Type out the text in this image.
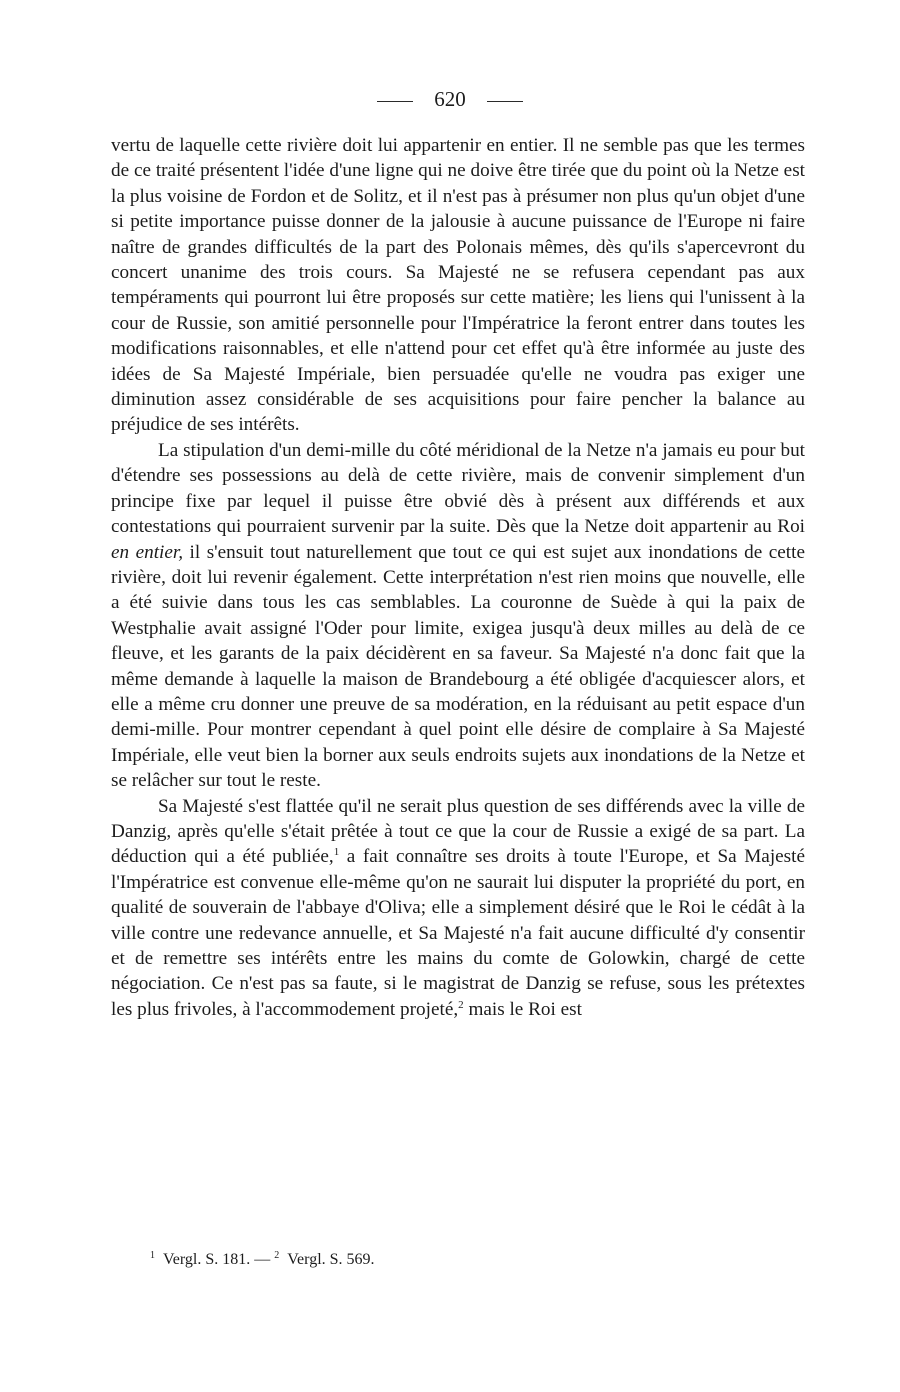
620

vertu de laquelle cette rivière doit lui appartenir en entier. Il ne semble pas que les termes de ce traité présentent l'idée d'une ligne qui ne doive être tirée que du point où la Netze est la plus voisine de Fordon et de Solitz, et il n'est pas à présumer non plus qu'un objet d'une si petite importance puisse donner de la jalousie à aucune puissance de l'Europe ni faire naître de grandes difficultés de la part des Polonais mêmes, dès qu'ils s'apercevront du concert unanime des trois cours. Sa Majesté ne se refusera cependant pas aux tempéraments qui pourront lui être proposés sur cette matière; les liens qui l'unissent à la cour de Russie, son amitié personnelle pour l'Impératrice la feront entrer dans toutes les modifications raisonnables, et elle n'attend pour cet effet qu'à être informée au juste des idées de Sa Majesté Impériale, bien persuadée qu'elle ne voudra pas exiger une diminution assez considérable de ses acquisitions pour faire pencher la balance au préjudice de ses intérêts.

La stipulation d'un demi-mille du côté méridional de la Netze n'a jamais eu pour but d'étendre ses possessions au delà de cette rivière, mais de convenir simplement d'un principe fixe par lequel il puisse être obvié dès à présent aux différends et aux contestations qui pourraient survenir par la suite. Dès que la Netze doit appartenir au Roi en entier, il s'ensuit tout naturellement que tout ce qui est sujet aux inondations de cette rivière, doit lui revenir également. Cette interprétation n'est rien moins que nouvelle, elle a été suivie dans tous les cas semblables. La couronne de Suède à qui la paix de Westphalie avait assigné l'Oder pour limite, exigea jusqu'à deux milles au delà de ce fleuve, et les garants de la paix décidèrent en sa faveur. Sa Majesté n'a donc fait que la même demande à laquelle la maison de Brandebourg a été obligée d'acquiescer alors, et elle a même cru donner une preuve de sa modération, en la réduisant au petit espace d'un demi-mille. Pour montrer cependant à quel point elle désire de complaire à Sa Majesté Impériale, elle veut bien la borner aux seuls endroits sujets aux inondations de la Netze et se relâcher sur tout le reste.

Sa Majesté s'est flattée qu'il ne serait plus question de ses différends avec la ville de Danzig, après qu'elle s'était prêtée à tout ce que la cour de Russie a exigé de sa part. La déduction qui a été publiée,$^1$ a fait connaître ses droits à toute l'Europe, et Sa Majesté l'Impératrice est convenue elle-même qu'on ne saurait lui disputer la propriété du port, en qualité de souverain de l'abbaye d'Oliva; elle a simplement désiré que le Roi le cédât à la ville contre une redevance annuelle, et Sa Majesté n'a fait aucune difficulté d'y consentir et de remettre ses intérêts entre les mains du comte de Golowkin, chargé de cette négociation. Ce n'est pas sa faute, si le magistrat de Danzig se refuse, sous les prétextes les plus frivoles, à l'accommodement projeté,$^2$ mais le Roi est

$^1$ Vergl. S. 181. — $^2$ Vergl. S. 569.
